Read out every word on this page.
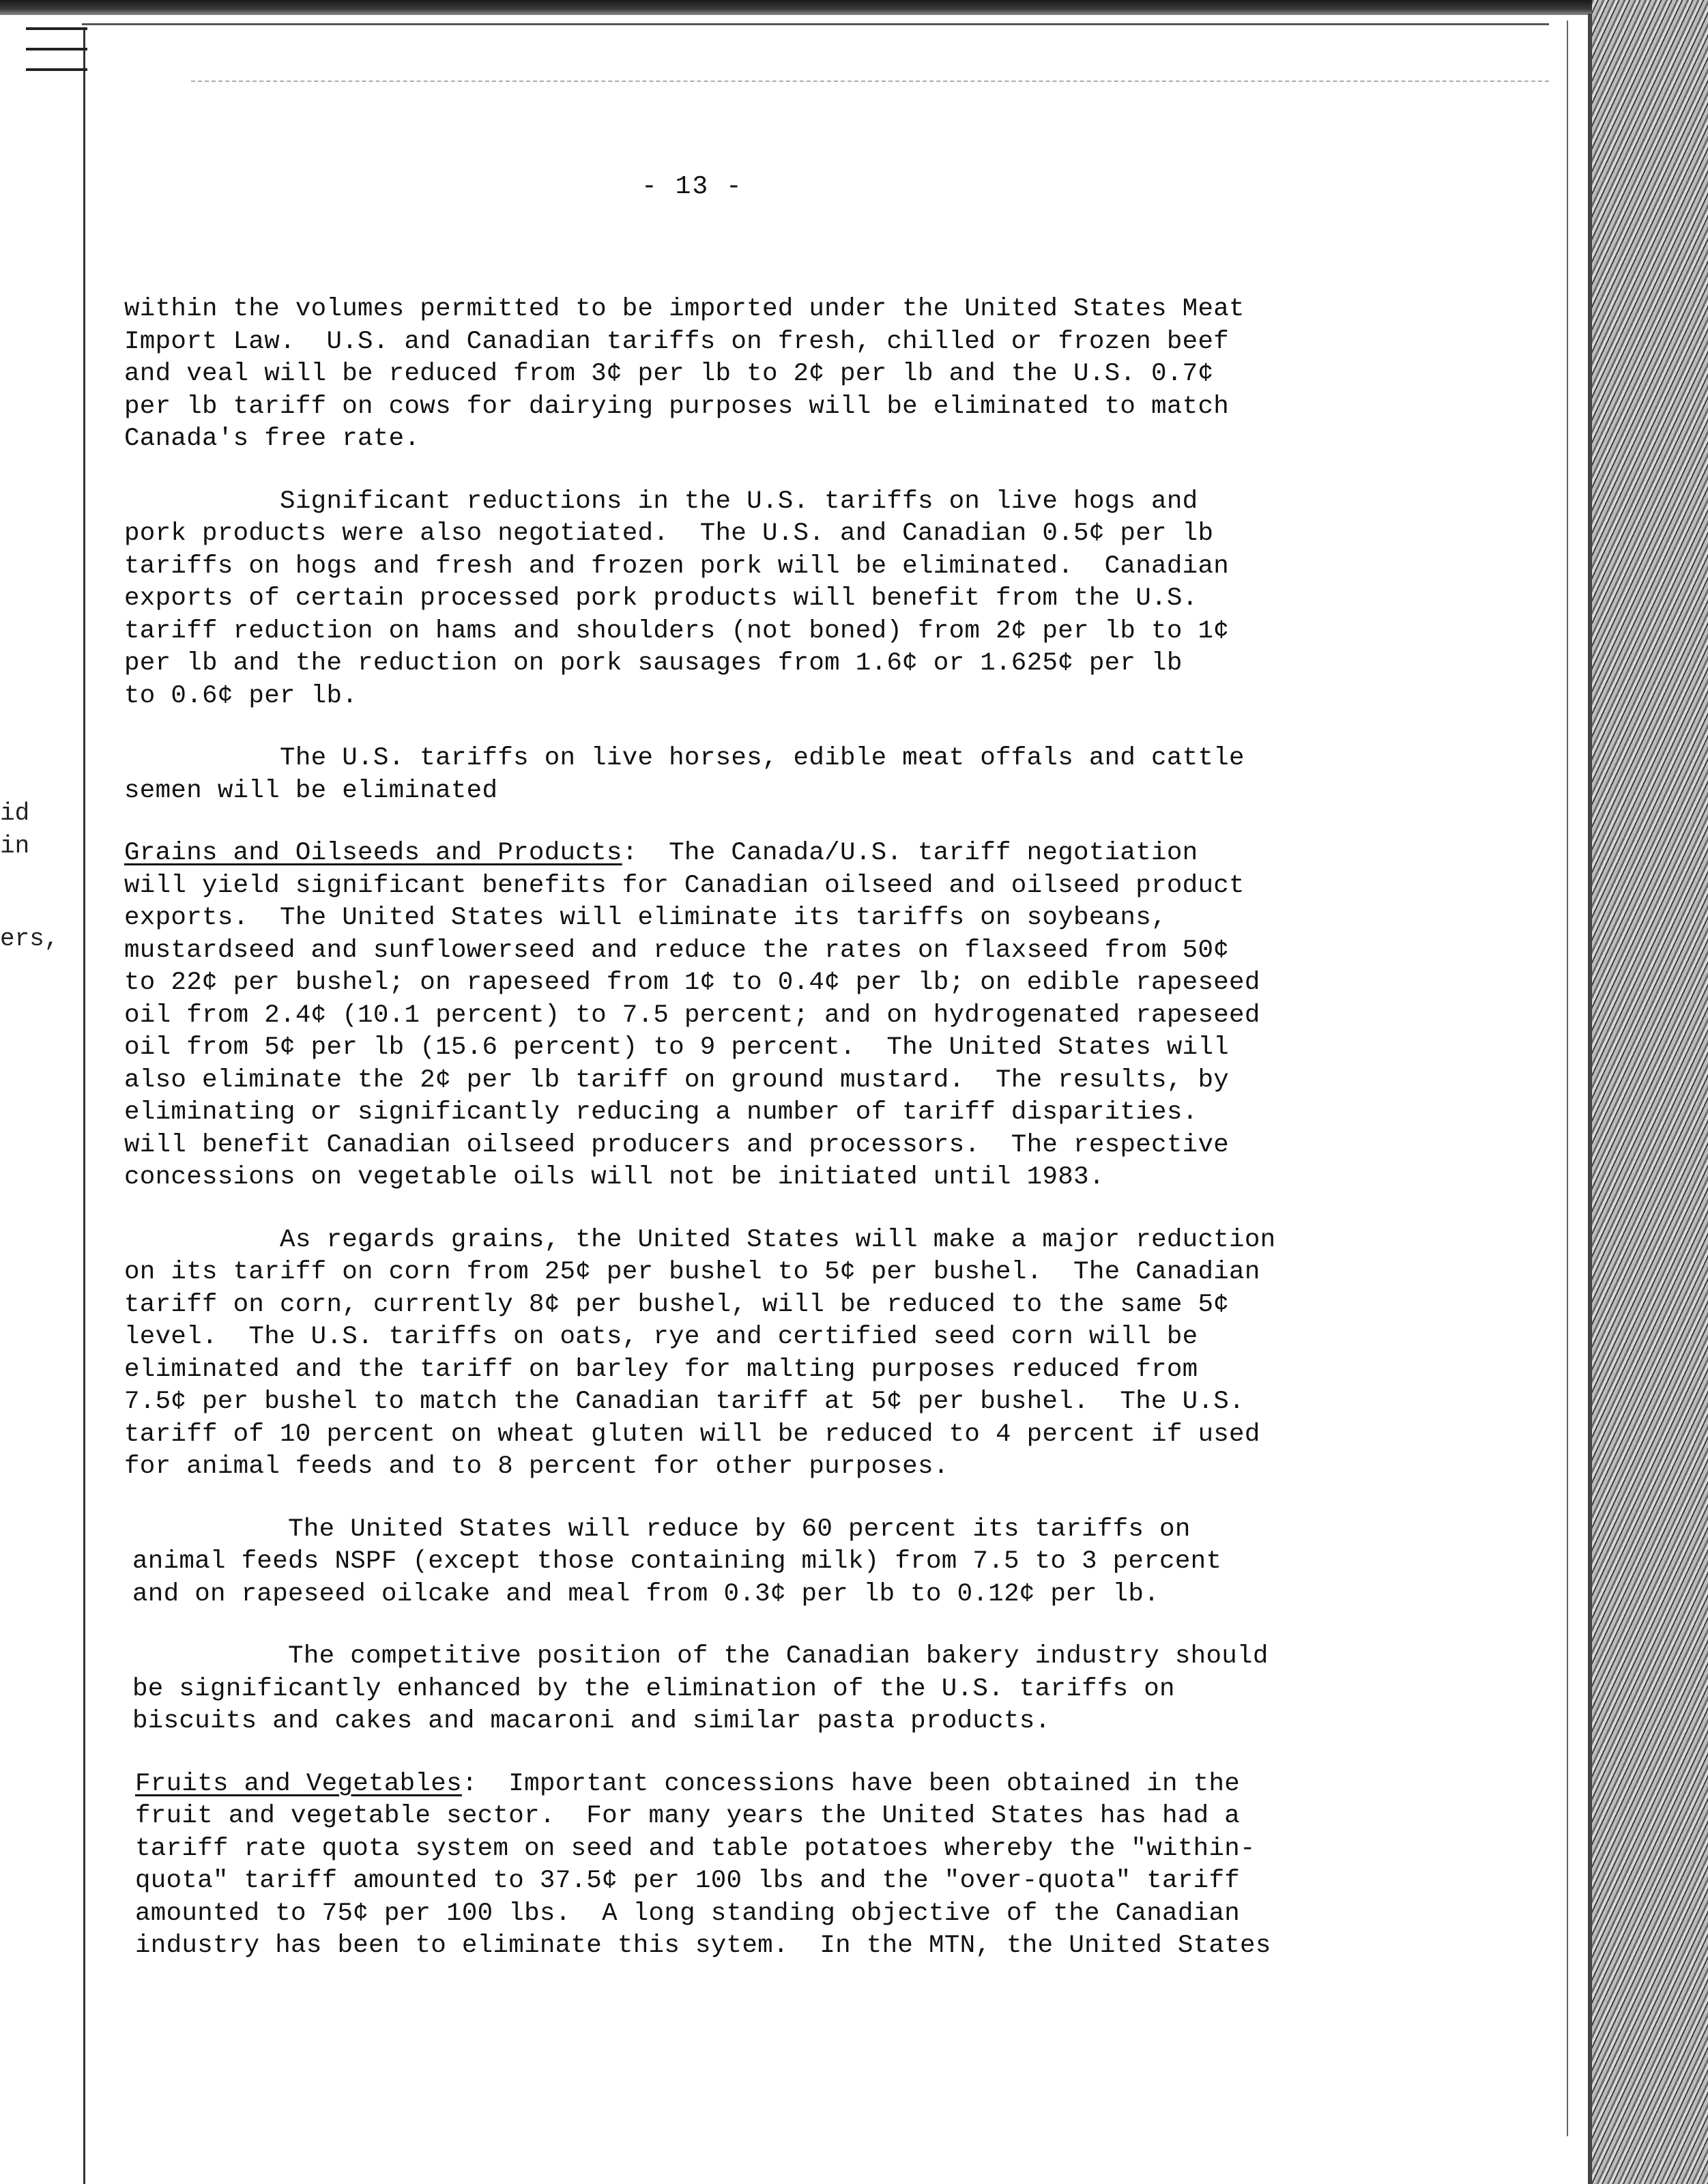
id
in
ers,
- 13 -
within the volumes permitted to be imported under the United States Meat
Import Law.  U.S. and Canadian tariffs on fresh, chilled or frozen beef
and veal will be reduced from 3¢ per lb to 2¢ per lb and the U.S. 0.7¢
per lb tariff on cows for dairying purposes will be eliminated to match
Canada's free rate.
Significant reductions in the U.S. tariffs on live hogs and
pork products were also negotiated.  The U.S. and Canadian 0.5¢ per lb
tariffs on hogs and fresh and frozen pork will be eliminated.  Canadian
exports of certain processed pork products will benefit from the U.S.
tariff reduction on hams and shoulders (not boned) from 2¢ per lb to 1¢
per lb and the reduction on pork sausages from 1.6¢ or 1.625¢ per lb
to 0.6¢ per lb.
The U.S. tariffs on live horses, edible meat offals and cattle
semen will be eliminated
Grains and Oilseeds and Products:  The Canada/U.S. tariff negotiation
will yield significant benefits for Canadian oilseed and oilseed product
exports.  The United States will eliminate its tariffs on soybeans,
mustardseed and sunflowerseed and reduce the rates on flaxseed from 50¢
to 22¢ per bushel; on rapeseed from 1¢ to 0.4¢ per lb; on edible rapeseed
oil from 2.4¢ (10.1 percent) to 7.5 percent; and on hydrogenated rapeseed
oil from 5¢ per lb (15.6 percent) to 9 percent.  The United States will
also eliminate the 2¢ per lb tariff on ground mustard.  The results, by
eliminating or significantly reducing a number of tariff disparities.
will benefit Canadian oilseed producers and processors.  The respective
concessions on vegetable oils will not be initiated until 1983.
As regards grains, the United States will make a major reduction
on its tariff on corn from 25¢ per bushel to 5¢ per bushel.  The Canadian
tariff on corn, currently 8¢ per bushel, will be reduced to the same 5¢
level.  The U.S. tariffs on oats, rye and certified seed corn will be
eliminated and the tariff on barley for malting purposes reduced from
7.5¢ per bushel to match the Canadian tariff at 5¢ per bushel.  The U.S.
tariff of 10 percent on wheat gluten will be reduced to 4 percent if used
for animal feeds and to 8 percent for other purposes.
The United States will reduce by 60 percent its tariffs on
animal feeds NSPF (except those containing milk) from 7.5 to 3 percent
and on rapeseed oilcake and meal from 0.3¢ per lb to 0.12¢ per lb.
The competitive position of the Canadian bakery industry should
be significantly enhanced by the elimination of the U.S. tariffs on
biscuits and cakes and macaroni and similar pasta products.
Fruits and Vegetables:  Important concessions have been obtained in the
fruit and vegetable sector.  For many years the United States has had a
tariff rate quota system on seed and table potatoes whereby the "within-
quota" tariff amounted to 37.5¢ per 100 lbs and the "over-quota" tariff
amounted to 75¢ per 100 lbs.  A long standing objective of the Canadian
industry has been to eliminate this sytem.  In the MTN, the United States
